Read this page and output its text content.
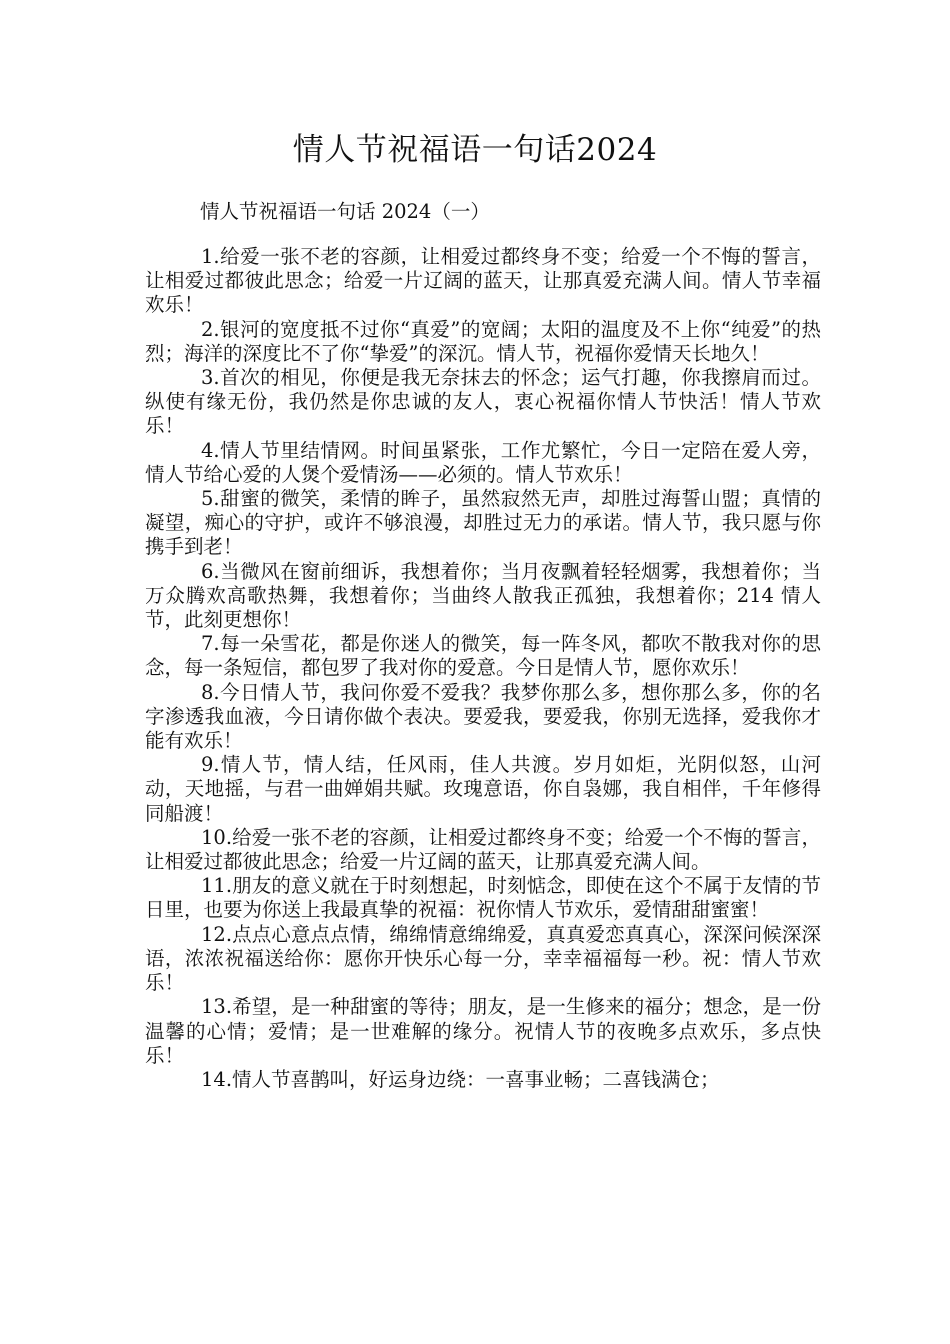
情人节祝福语一句话2024

情人节祝福语一句话 2024（一）

1.给爱一张不老的容颜，让相爱过都终身不变；给爱一个不悔的誓言，让相爱过都彼此思念；给爱一片辽阔的蓝天，让那真爱充满人间。情人节幸福欢乐！

2.银河的宽度抵不过你“真爱”的宽阔；太阳的温度及不上你“纯爱”的热烈；海洋的深度比不了你“挚爱”的深沉。情人节，祝福你爱情天长地久！

3.首次的相见，你便是我无奈抹去的怀念；运气打趣，你我擦肩而过。纵使有缘无份，我仍然是你忠诚的友人，衷心祝福你情人节快活！情人节欢乐！

4.情人节里结情网。时间虽紧张，工作尤繁忙，今日一定陪在爱人旁，情人节给心爱的人煲个爱情汤——必须的。情人节欢乐！

5.甜蜜的微笑，柔情的眸子，虽然寂然无声，却胜过海誓山盟；真情的凝望，痴心的守护，或许不够浪漫，却胜过无力的承诺。情人节，我只愿与你携手到老！

6.当微风在窗前细诉，我想着你；当月夜飘着轻轻烟雾，我想着你；当万众腾欢高歌热舞，我想着你；当曲终人散我正孤独，我想着你；214 情人节，此刻更想你！

7.每一朵雪花，都是你迷人的微笑，每一阵冬风，都吹不散我对你的思念，每一条短信，都包罗了我对你的爱意。今日是情人节，愿你欢乐！

8.今日情人节，我问你爱不爱我？我梦你那么多，想你那么多，你的名字渗透我血液，今日请你做个表决。要爱我，要爱我，你别无选择，爱我你才能有欢乐！

9.情人节，情人结，任风雨，佳人共渡。岁月如炬，光阴似怒，山河动，天地摇，与君一曲婵娟共赋。玫瑰意语，你自袅娜，我自相伴，千年修得同船渡！

10.给爱一张不老的容颜，让相爱过都终身不变；给爱一个不悔的誓言，让相爱过都彼此思念；给爱一片辽阔的蓝天，让那真爱充满人间。

11.朋友的意义就在于时刻想起，时刻惦念，即使在这个不属于友情的节日里，也要为你送上我最真挚的祝福：祝你情人节欢乐，爱情甜甜蜜蜜！

12.点点心意点点情，绵绵情意绵绵爱，真真爱恋真真心，深深问候深深语，浓浓祝福送给你：愿你开快乐心每一分，幸幸福福每一秒。祝：情人节欢乐！

13.希望，是一种甜蜜的等待；朋友，是一生修来的福分；想念，是一份温馨的心情；爱情；是一世难解的缘分。祝情人节的夜晚多点欢乐，多点快乐！

14.情人节喜鹊叫，好运身边绕：一喜事业畅；二喜钱满仓；
